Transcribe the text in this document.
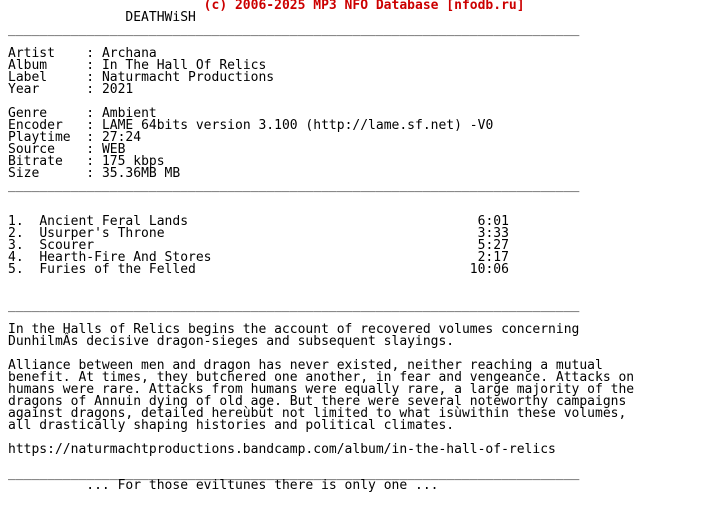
(c) 2006-2025 MP3 NFO Database [nfodb.ru]
DEATHWiSH
_________________________________________________________________________

Artist    : Archana
Album     : In The Hall Of Relics
Label     : Naturmacht Productions
Year      : 2021

Genre     : Ambient
Encoder   : LAME 64bits version 3.100 (http://lame.sf.net) -V0
Playtime  : 27:24
Source    : WEB
Bitrate   : 175 kbps
Size      : 35.36MB MB
_________________________________________________________________________

1. Ancient Feral Lands	6:01
2. Usurper's Throne	3:33
3. Scourer	5:27
4. Hearth-Fire And Stores	2:17
5. Furies of the Felled	10:06

_________________________________________________________________________

In the Halls of Relics begins the account of recovered volumes concerning
DunhilmÂs decisive dragon-sieges and subsequent slayings.

Alliance between men and dragon has never existed, neither reaching a mutual
benefit. At times, they butchered one another, in fear and vengeance. Attacks on
humans were rare. Attacks from humans were equally rare, a large majority of the
dragons of Annuin dying of old age. But there were several noteworthy campaigns
against dragons, detailed hereùbut not limited to what isùwithin these volumes,
all drastically shaping histories and political climates.

https://naturmachtproductions.bandcamp.com/album/in-the-hall-of-relics

_________________________________________________________________________
... For those eviltunes there is only one ...
